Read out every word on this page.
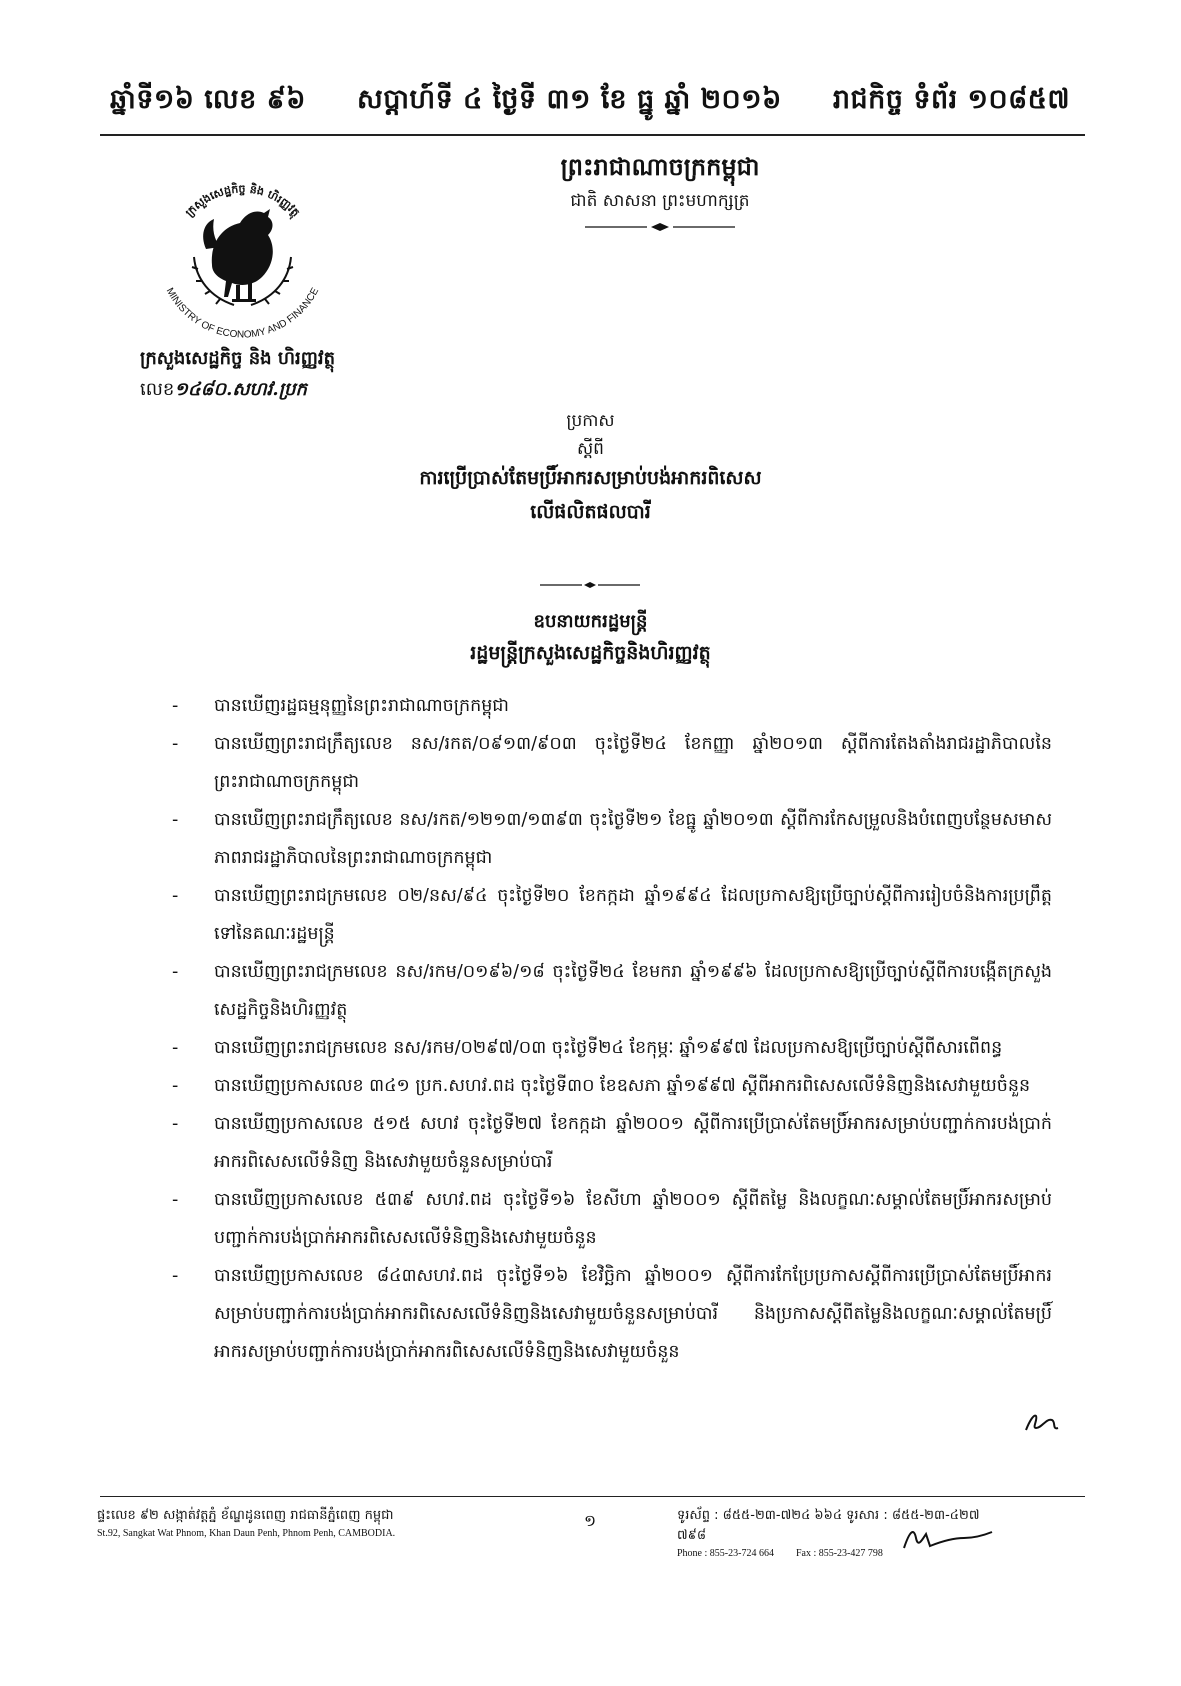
ឆ្នាំទី១៦ លេខ ៩៦ សប្តាហ៍ទី ៤ ថ្ងៃទី ៣១ ខែ ធ្នូ ឆ្នាំ ២០១៦ រាជកិច្ច ទំព័រ ១០៨៥៧
ក្រសួងសេដ្ឋកិច្ច និង ហិរញ្ញវត្ថុ
MINISTRY OF ECONOMY AND FINANCE
ក្រសួងសេដ្ឋកិច្ច និង ហិរញ្ញវត្ថុ
លេខ១៤៨០.សហវ.ប្រក
ព្រះរាជាណាចក្រកម្ពុជា
ជាតិ សាសនា ព្រះមហាក្សត្រ
ប្រកាស
ស្តីពី
ការប្រើប្រាស់តែមប្រិ៍អាករសម្រាប់បង់អាករពិសេស
លើផលិតផលបារី
ឧបនាយករដ្ឋមន្ត្រី
រដ្ឋមន្ត្រីក្រសួងសេដ្ឋកិច្ចនិងហិរញ្ញវត្ថុ
- បានឃើញរដ្ឋធម្មនុញ្ញនៃព្រះរាជាណាចក្រកម្ពុជា
- បានឃើញព្រះរាជក្រឹត្យលេខ នស/រកត/០៩១៣/៩០៣ ចុះថ្ងៃទី២៤ ខែកញ្ញា ឆ្នាំ២០១៣ ស្តីពីការតែងតាំងរាជរដ្ឋាភិបាលនៃព្រះរាជាណាចក្រកម្ពុជា
- បានឃើញព្រះរាជក្រឹត្យលេខ នស/រកត/១២១៣/១៣៩៣ ចុះថ្ងៃទី២១ ខែធ្នូ ឆ្នាំ២០១៣ ស្តីពីការកែសម្រួលនិងបំពេញបន្ថែមសមាសភាពរាជរដ្ឋាភិបាលនៃព្រះរាជាណាចក្រកម្ពុជា
- បានឃើញព្រះរាជក្រមលេខ ០២/នស/៩៤ ចុះថ្ងៃទី២០ ខែកក្កដា ឆ្នាំ១៩៩៤ ដែលប្រកាសឱ្យប្រើច្បាប់ស្តីពីការរៀបចំនិងការប្រព្រឹត្តទៅនៃគណៈរដ្ឋមន្ត្រី
- បានឃើញព្រះរាជក្រមលេខ នស/រកម/០១៩៦/១៨ ចុះថ្ងៃទី២៤ ខែមករា ឆ្នាំ១៩៩៦ ដែលប្រកាសឱ្យប្រើច្បាប់ស្តីពីការបង្កើតក្រសួងសេដ្ឋកិច្ចនិងហិរញ្ញវត្ថុ
- បានឃើញព្រះរាជក្រមលេខ នស/រកម/០២៩៧/០៣ ចុះថ្ងៃទី២៤ ខែកុម្ភៈ ឆ្នាំ១៩៩៧ ដែលប្រកាសឱ្យប្រើច្បាប់ស្តីពីសារពើពន្ធ
- បានឃើញប្រកាសលេខ ៣៤១ ប្រក.សហវ.ពដ ចុះថ្ងៃទី៣០ ខែឧសភា ឆ្នាំ១៩៩៧ ស្តីពីអាករពិសេសលើទំនិញនិងសេវាមួយចំនួន
- បានឃើញប្រកាសលេខ ៥១៥ សហវ ចុះថ្ងៃទី២៧ ខែកក្កដា ឆ្នាំ២០០១ ស្តីពីការប្រើប្រាស់តែមប្រិ៍អាករសម្រាប់បញ្ជាក់ការបង់ប្រាក់អាករពិសេសលើទំនិញ និងសេវាមួយចំនួនសម្រាប់បារី
- បានឃើញប្រកាសលេខ ៥៣៩ សហវ.ពដ ចុះថ្ងៃទី១៦ ខែសីហា ឆ្នាំ២០០១ ស្តីពីតម្លៃ និងលក្ខណៈសម្គាល់តែមប្រិ៍អាករសម្រាប់បញ្ជាក់ការបង់ប្រាក់អាករពិសេសលើទំនិញនិងសេវាមួយចំនួន
- បានឃើញប្រកាសលេខ ៨៤៣សហវ.ពដ ចុះថ្ងៃទី១៦ ខែវិច្ឆិកា ឆ្នាំ២០០១ ស្តីពីការកែប្រែប្រកាសស្តីពីការប្រើប្រាស់តែមប្រិ៍អាករសម្រាប់បញ្ជាក់ការបង់ប្រាក់អាករពិសេសលើទំនិញនិងសេវាមួយចំនួនសម្រាប់បារី និងប្រកាសស្តីពីតម្លៃនិងលក្ខណៈសម្គាល់តែមប្រិ៍អាករសម្រាប់បញ្ជាក់ការបង់ប្រាក់អាករពិសេសលើទំនិញនិងសេវាមួយចំនួន
ផ្ទះលេខ ៩២ សង្កាត់វត្តភ្នំ ខ័ណ្ឌដូនពេញ រាជធានីភ្នំពេញ កម្ពុជា
St.92, Sangkat Wat Phnom, Khan Daun Penh, Phnom Penh, CAMBODIA.
១	ទូរស័ព្ទ : ៨៥៥-២៣-៧២៤ ៦៦៤ ទូរសារ : ៨៥៥-២៣-៤២៧ ៧៩៨
Phone : 855-23-724 664 Fax : 855-23-427 798
